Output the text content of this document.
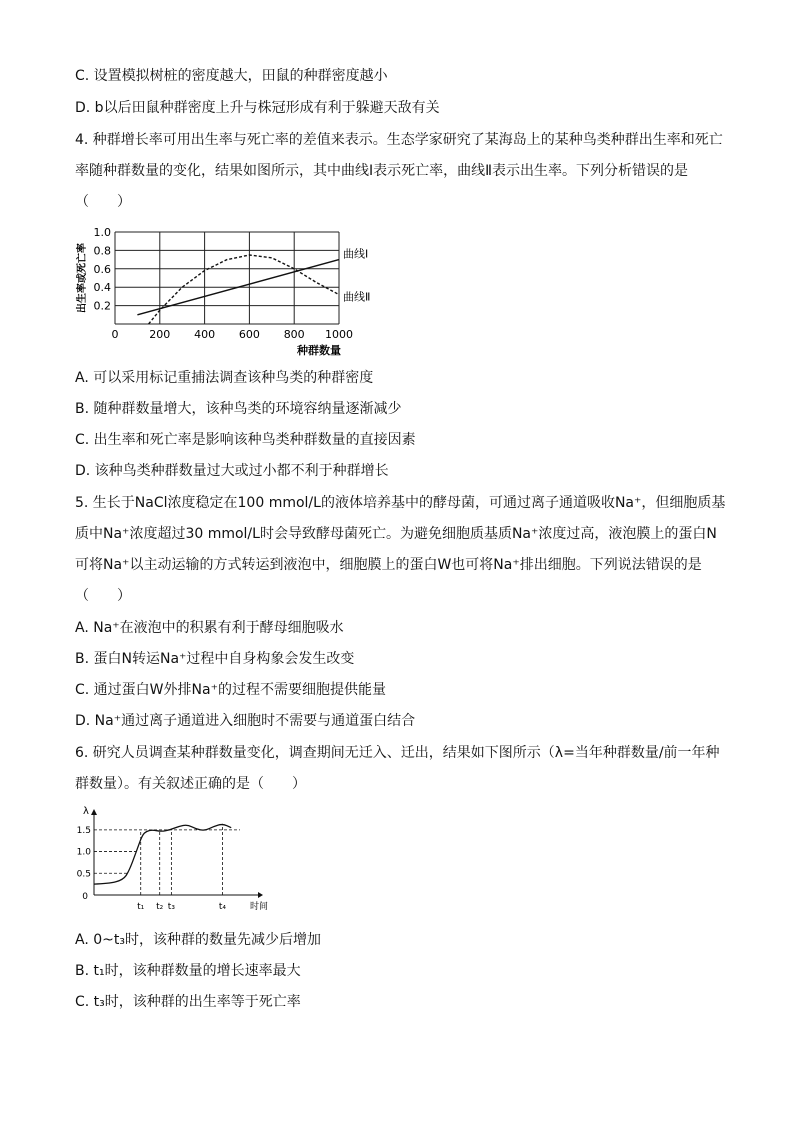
C. 设置模拟树桩的密度越大，田鼠的种群密度越小
D. b以后田鼠种群密度上升与株冠形成有利于躲避天敌有关
4. 种群增长率可用出生率与死亡率的差值来表示。生态学家研究了某海岛上的某种鸟类种群出生率和死亡
率随种群数量的变化，结果如图所示，其中曲线Ⅰ表示死亡率，曲线Ⅱ表示出生率。下列分析错误的是
（　　）
0	200 400 600 800 1000
0.2
0.4
0.6
0.8
1.0
种群数量
出生率或死亡率	曲线Ⅰ
曲线Ⅱ
A. 可以采用标记重捕法调查该种鸟类的种群密度
B. 随种群数量增大，该种鸟类的环境容纳量逐渐减少
C. 出生率和死亡率是影响该种鸟类种群数量的直接因素
D. 该种鸟类种群数量过大或过小都不利于种群增长
5. 生长于NaCl浓度稳定在100 mmol/L的液体培养基中的酵母菌，可通过离子通道吸收Na⁺，但细胞质基
质中Na⁺浓度超过30 mmol/L时会导致酵母菌死亡。为避免细胞质基质Na⁺浓度过高，液泡膜上的蛋白N
可将Na⁺以主动运输的方式转运到液泡中，细胞膜上的蛋白W也可将Na⁺排出细胞。下列说法错误的是
（　　）
A. Na⁺在液泡中的积累有利于酵母细胞吸水
B. 蛋白N转运Na⁺过程中自身构象会发生改变
C. 通过蛋白W外排Na⁺的过程不需要细胞提供能量
D. Na⁺通过离子通道进入细胞时不需要与通道蛋白结合
6. 研究人员调查某种群数量变化，调查期间无迁入、迁出，结果如下图所示（λ=当年种群数量/前一年种
群数量）。有关叙述正确的是（　　）
λ
时间
0
0.5
1.0
1.5
t₁ t₂ t₃	t₄
A. 0~t₃时，该种群的数量先减少后增加
B. t₁时，该种群数量的增长速率最大
C. t₃时，该种群的出生率等于死亡率
